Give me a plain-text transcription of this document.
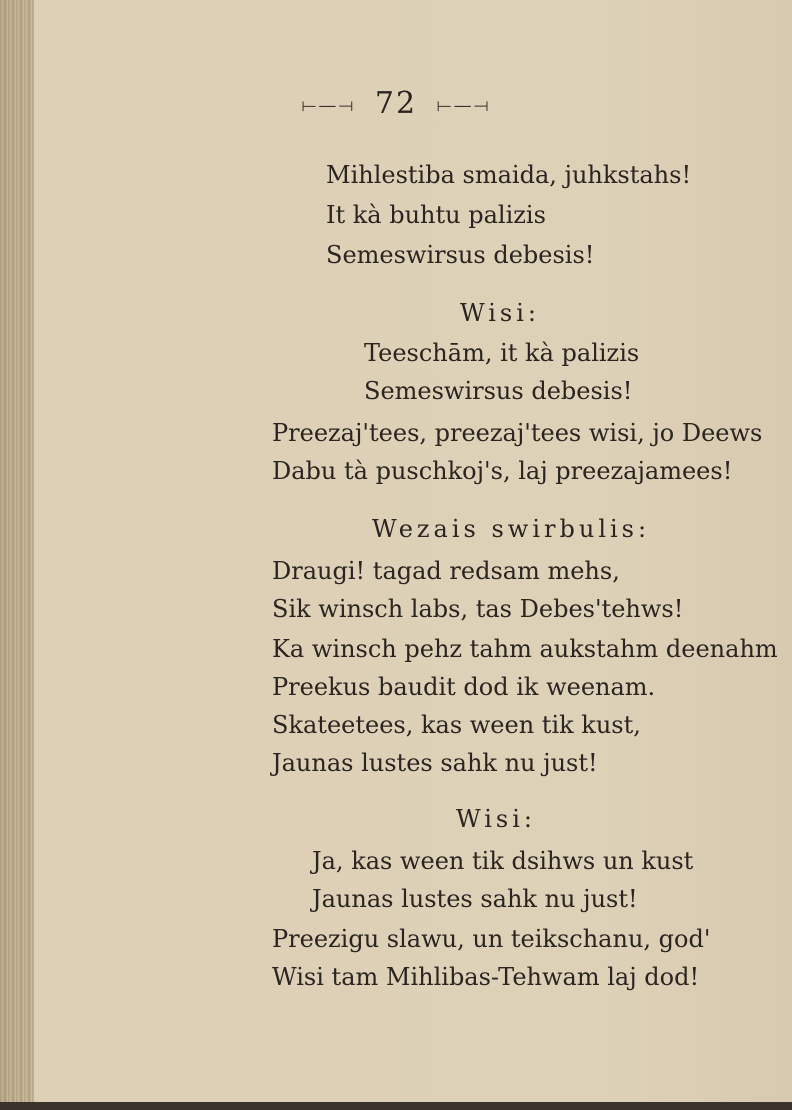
⟝—⟞ 72 ⟝—⟞
Mihlestiba smaida, juhkstahs!
It kà buhtu palizis
Semeswirsus debesis!
Wisi:
Teeschām, it kà palizis
Semeswirsus debesis!
Preezaj'tees, preezaj'tees wisi, jo Deews
Dabu tà puschkoj's, laj preezajamees!
Wezais swirbulis:
Draugi! tagad redsam mehs,
Sik winsch labs, tas Debes'tehws!
Ka winsch pehz tahm aukstahm deenahm
Preekus baudit dod ik weenam.
Skateetees, kas ween tik kust,
Jaunas lustes sahk nu just!
Wisi:
Ja, kas ween tik dsihws un kust
Jaunas lustes sahk nu just!
Preezigu slawu, un teikschanu, god'
Wisi tam Mihlibas-Tehwam laj dod!
